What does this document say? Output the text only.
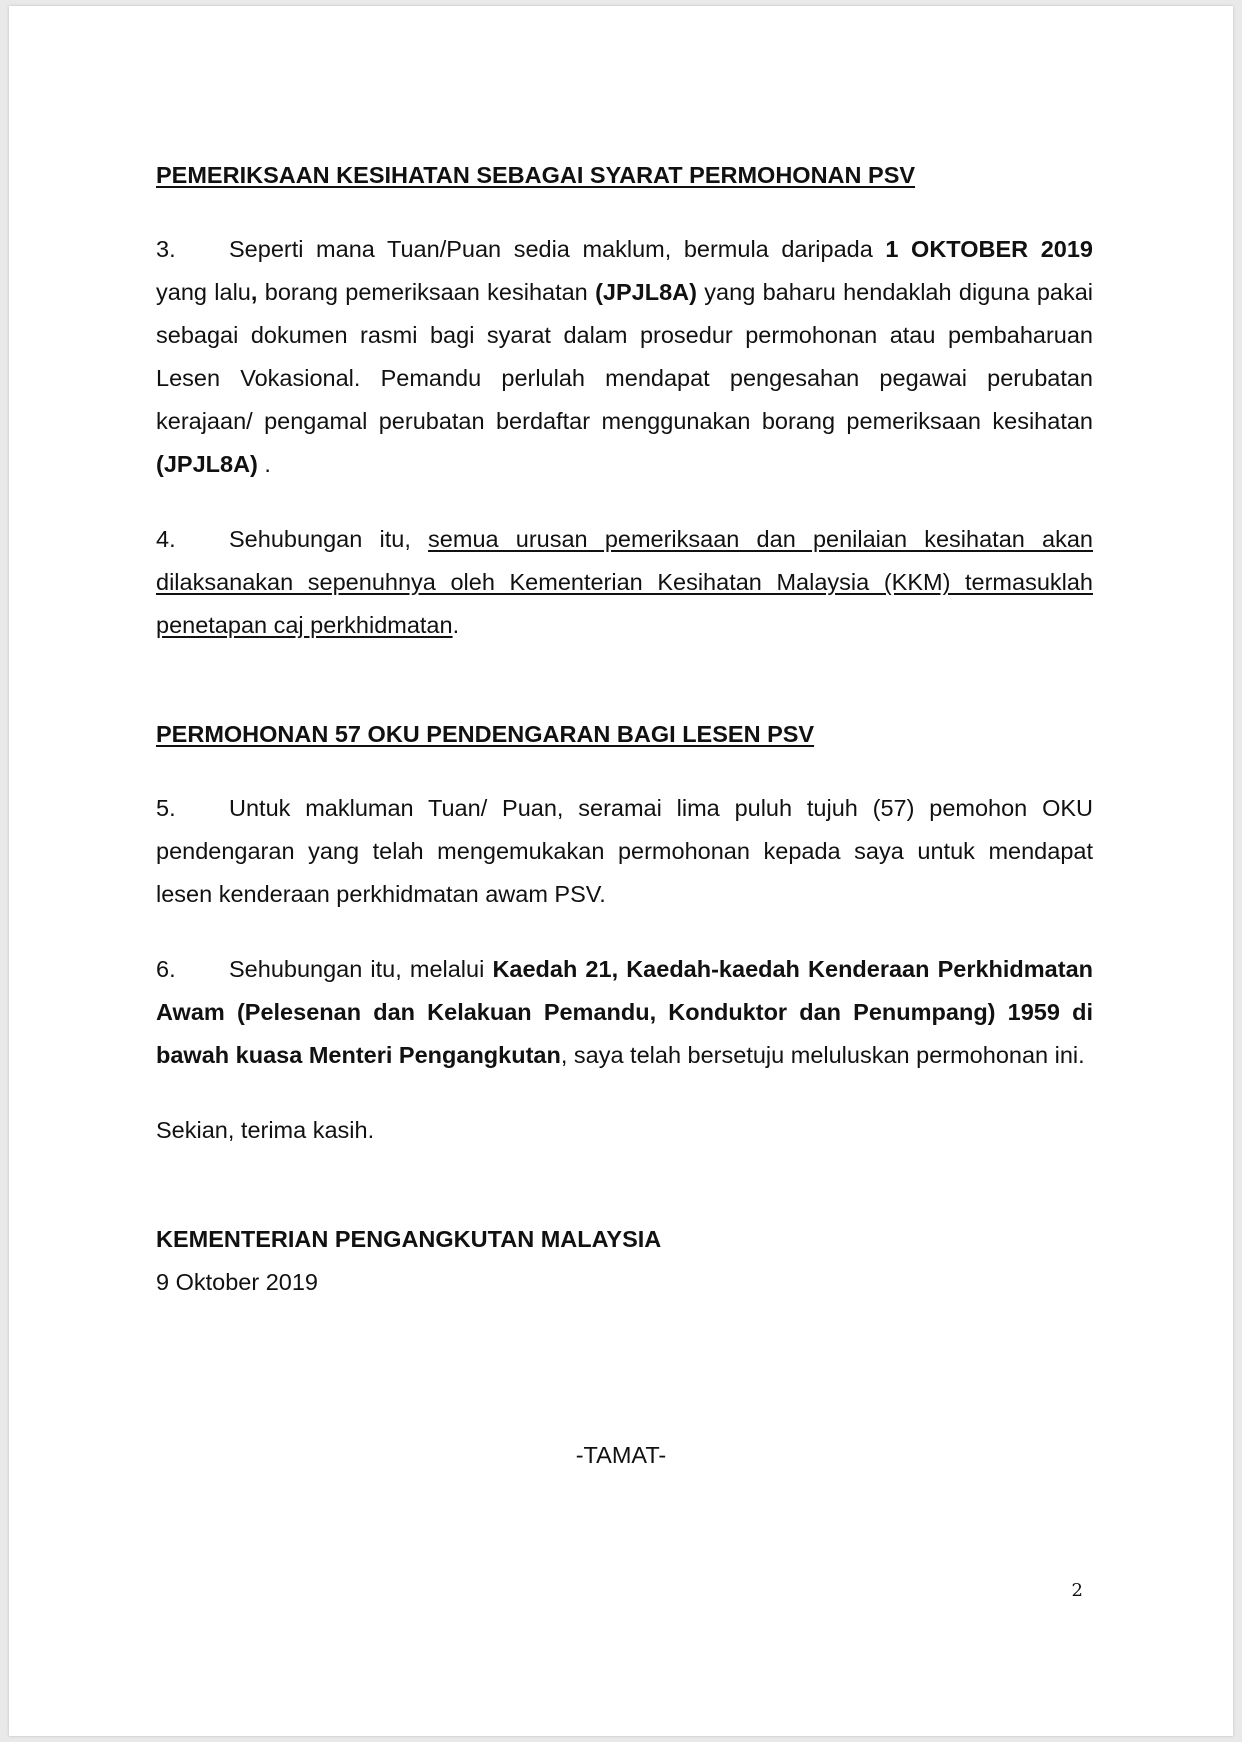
PEMERIKSAAN KESIHATAN SEBAGAI SYARAT PERMOHONAN PSV

3. Seperti mana Tuan/Puan sedia maklum, bermula daripada 1 OKTOBER 2019 yang lalu, borang pemeriksaan kesihatan (JPJL8A) yang baharu hendaklah diguna pakai sebagai dokumen rasmi bagi syarat dalam prosedur permohonan atau pembaharuan Lesen Vokasional. Pemandu perlulah mendapat pengesahan pegawai perubatan kerajaan/ pengamal perubatan berdaftar menggunakan borang pemeriksaan kesihatan (JPJL8A) .

4. Sehubungan itu, semua urusan pemeriksaan dan penilaian kesihatan akan dilaksanakan sepenuhnya oleh Kementerian Kesihatan Malaysia (KKM) termasuklah penetapan caj perkhidmatan.

PERMOHONAN 57 OKU PENDENGARAN BAGI LESEN PSV

5. Untuk makluman Tuan/ Puan, seramai lima puluh tujuh (57) pemohon OKU pendengaran yang telah mengemukakan permohonan kepada saya untuk mendapat lesen kenderaan perkhidmatan awam PSV.

6. Sehubungan itu, melalui Kaedah 21, Kaedah-kaedah Kenderaan Perkhidmatan Awam (Pelesenan dan Kelakuan Pemandu, Konduktor dan Penumpang) 1959 di bawah kuasa Menteri Pengangkutan, saya telah bersetuju meluluskan permohonan ini.

Sekian, terima kasih.

KEMENTERIAN PENGANGKUTAN MALAYSIA

9 Oktober 2019

-TAMAT-

2
